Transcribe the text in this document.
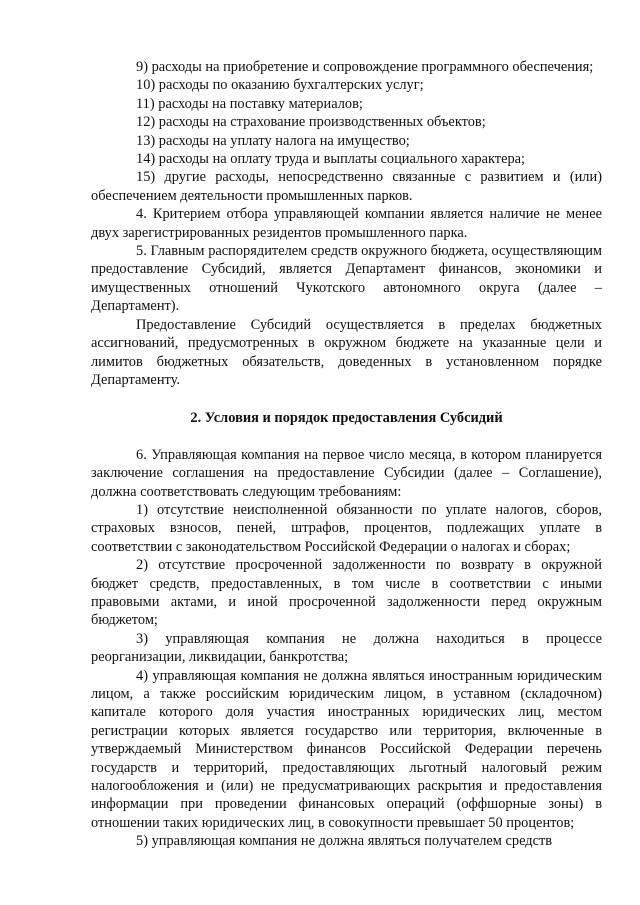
9) расходы на приобретение и сопровождение программного обеспечения;

10) расходы по оказанию бухгалтерских услуг;

11) расходы на поставку материалов;

12) расходы на страхование производственных объектов;

13) расходы на уплату налога на имущество;

14) расходы на оплату труда и выплаты социального характера;

15) другие расходы, непосредственно связанные с развитием и (или) обеспечением деятельности промышленных парков.

4. Критерием отбора управляющей компании является наличие не менее двух зарегистрированных резидентов промышленного парка.

5. Главным распорядителем средств окружного бюджета, осуществляющим предоставление Субсидий, является Департамент финансов, экономики и имущественных отношений Чукотского автономного округа (далее – Департамент).

Предоставление Субсидий осуществляется в пределах бюджетных ассигнований, предусмотренных в окружном бюджете на указанные цели и лимитов бюджетных обязательств, доведенных в установленном порядке Департаменту.

2. Условия и порядок предоставления Субсидий

6. Управляющая компания на первое число месяца, в котором планируется заключение соглашения на предоставление Субсидии (далее – Соглашение), должна соответствовать следующим требованиям:

1) отсутствие неисполненной обязанности по уплате налогов, сборов, страховых взносов, пеней, штрафов, процентов, подлежащих уплате в соответствии с законодательством Российской Федерации о налогах и сборах;

2) отсутствие просроченной задолженности по возврату в окружной бюджет средств, предоставленных, в том числе в соответствии с иными правовыми актами, и иной просроченной задолженности перед окружным бюджетом;

3) управляющая компания не должна находиться в процессе реорганизации, ликвидации, банкротства;

4) управляющая компания не должна являться иностранным юридическим лицом, а также российским юридическим лицом, в уставном (складочном) капитале которого доля участия иностранных юридических лиц, местом регистрации которых является государство или территория, включенные в утверждаемый Министерством финансов Российской Федерации перечень государств и территорий, предоставляющих льготный налоговый режим налогообложения и (или) не предусматривающих раскрытия и предоставления информации при проведении финансовых операций (оффшорные зоны) в отношении таких юридических лиц, в совокупности превышает 50 процентов;

5) управляющая компания не должна являться получателем средств
